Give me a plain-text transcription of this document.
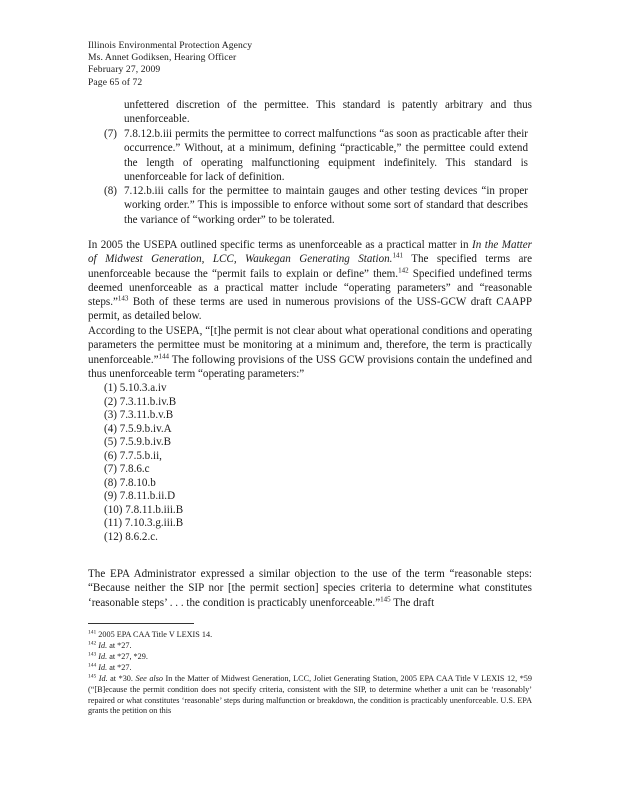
Illinois Environmental Protection Agency
Ms. Annet Godiksen, Hearing Officer
February 27, 2009
Page 65 of 72
unfettered discretion of the permittee. This standard is patently arbitrary and thus unenforceable.
(7) 7.8.12.b.iii permits the permittee to correct malfunctions “as soon as practicable after their occurrence.” Without, at a minimum, defining “practicable,” the permittee could extend the length of operating malfunctioning equipment indefinitely. This standard is unenforceable for lack of definition.
(8) 7.12.b.iii calls for the permittee to maintain gauges and other testing devices “in proper working order.” This is impossible to enforce without some sort of standard that describes the variance of “working order” to be tolerated.
In 2005 the USEPA outlined specific terms as unenforceable as a practical matter in In the Matter of Midwest Generation, LCC, Waukegan Generating Station.$^{141}$ The specified terms are unenforceable because the “permit fails to explain or define” them.$^{142}$ Specified undefined terms deemed unenforceable as a practical matter include “operating parameters” and “reasonable steps.”$^{143}$ Both of these terms are used in numerous provisions of the USS-GCW draft CAAPP permit, as detailed below.
According to the USEPA, “[t]he permit is not clear about what operational conditions and operating parameters the permittee must be monitoring at a minimum and, therefore, the term is practically unenforceable.”$^{144}$ The following provisions of the USS GCW provisions contain the undefined and thus unenforceable term “operating parameters:”
(1) 5.10.3.a.iv
(2) 7.3.11.b.iv.B
(3) 7.3.11.b.v.B
(4) 7.5.9.b.iv.A
(5) 7.5.9.b.iv.B
(6) 7.7.5.b.ii,
(7) 7.8.6.c
(8) 7.8.10.b
(9) 7.8.11.b.ii.D
(10) 7.8.11.b.iii.B
(11) 7.10.3.g.iii.B
(12) 8.6.2.c.
The EPA Administrator expressed a similar objection to the use of the term “reasonable steps: “Because neither the SIP nor [the permit section] species criteria to determine what constitutes ‘reasonable steps’ . . . the condition is practicably unenforceable.”$^{145}$ The draft
$^{141}$ 2005 EPA CAA Title V LEXIS 14.
$^{142}$ Id. at *27.
$^{143}$ Id. at *27, *29.
$^{144}$ Id. at *27.
$^{145}$ Id. at *30. See also In the Matter of Midwest Generation, LCC, Joliet Generating Station, 2005 EPA CAA Title V LEXIS 12, *59 (“[B]ecause the permit condition does not specify criteria, consistent with the SIP, to determine whether a unit can be ‘reasonably’ repaired or what constitutes ‘reasonable’ steps during malfunction or breakdown, the condition is practicably unenforceable. U.S. EPA grants the petition on this
